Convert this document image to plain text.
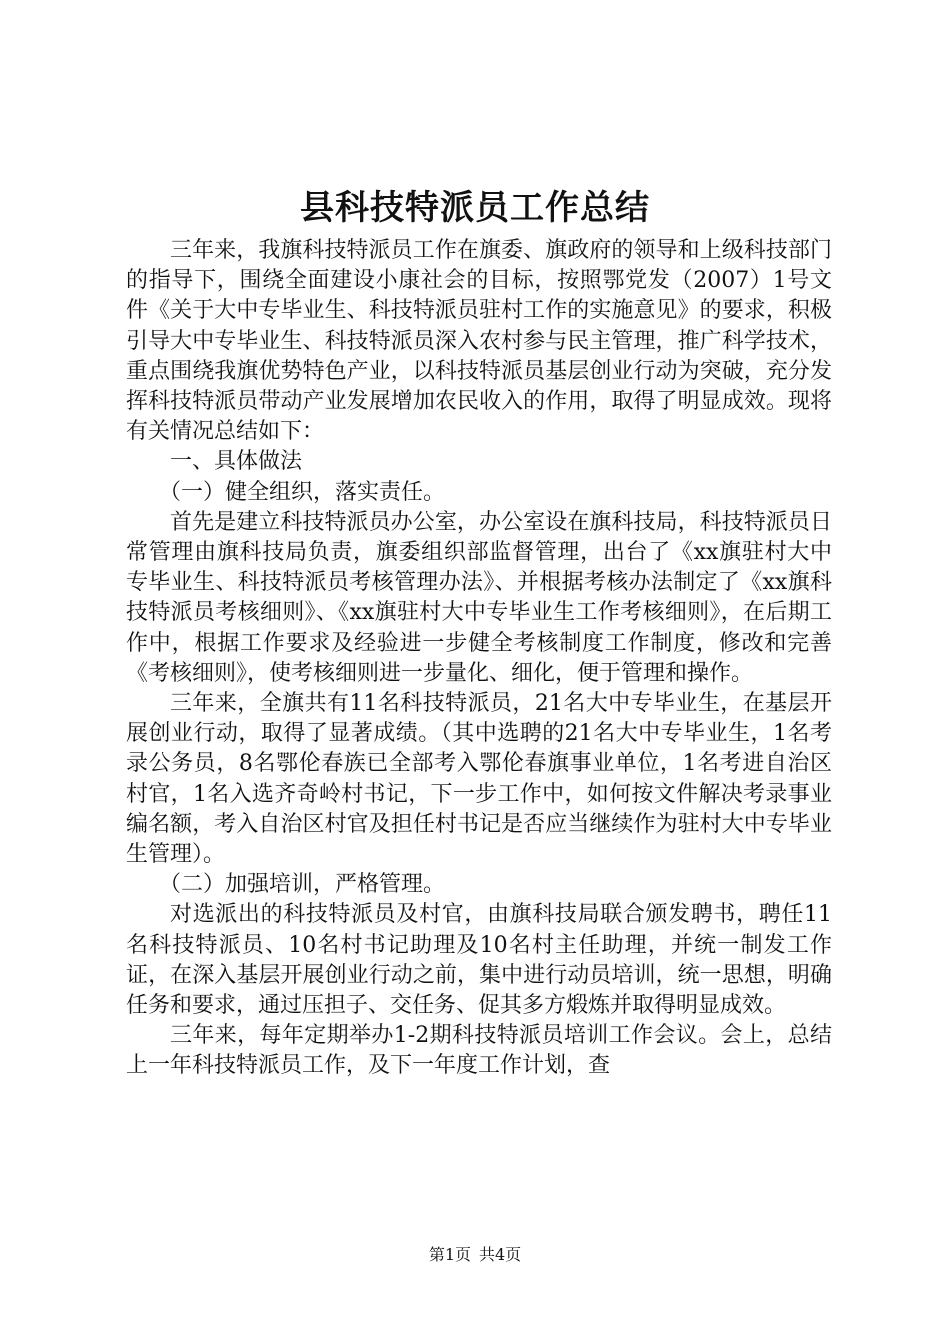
县科技特派员工作总结

三年来，我旗科技特派员工作在旗委、旗政府的领导和上级科技部门的指导下，围绕全面建设小康社会的目标，按照鄂党发（2007）1号文件《关于大中专毕业生、科技特派员驻村工作的实施意见》的要求，积极引导大中专毕业生、科技特派员深入农村参与民主管理，推广科学技术，重点围绕我旗优势特色产业，以科技特派员基层创业行动为突破，充分发挥科技特派员带动产业发展增加农民收入的作用，取得了明显成效。现将有关情况总结如下：

一、具体做法

（一）健全组织，落实责任。

首先是建立科技特派员办公室，办公室设在旗科技局，科技特派员日常管理由旗科技局负责，旗委组织部监督管理，出台了《xx旗驻村大中专毕业生、科技特派员考核管理办法》、并根据考核办法制定了《xx旗科技特派员考核细则》、《xx旗驻村大中专毕业生工作考核细则》，在后期工作中，根据工作要求及经验进一步健全考核制度工作制度，修改和完善《考核细则》，使考核细则进一步量化、细化，便于管理和操作。

三年来，全旗共有11名科技特派员，21名大中专毕业生，在基层开展创业行动，取得了显著成绩。（其中选聘的21名大中专毕业生，1名考录公务员，8名鄂伦春族已全部考入鄂伦春旗事业单位，1名考进自治区村官，1名入选齐奇岭村书记，下一步工作中，如何按文件解决考录事业编名额，考入自治区村官及担任村书记是否应当继续作为驻村大中专毕业生管理）。

（二）加强培训，严格管理。

对选派出的科技特派员及村官，由旗科技局联合颁发聘书，聘任11名科技特派员、10名村书记助理及10名村主任助理，并统一制发工作证，在深入基层开展创业行动之前，集中进行动员培训，统一思想，明确任务和要求，通过压担子、交任务、促其多方煅炼并取得明显成效。

三年来，每年定期举办1-2期科技特派员培训工作会议。会上，总结上一年科技特派员工作，及下一年度工作计划，查

第1页 共4页
